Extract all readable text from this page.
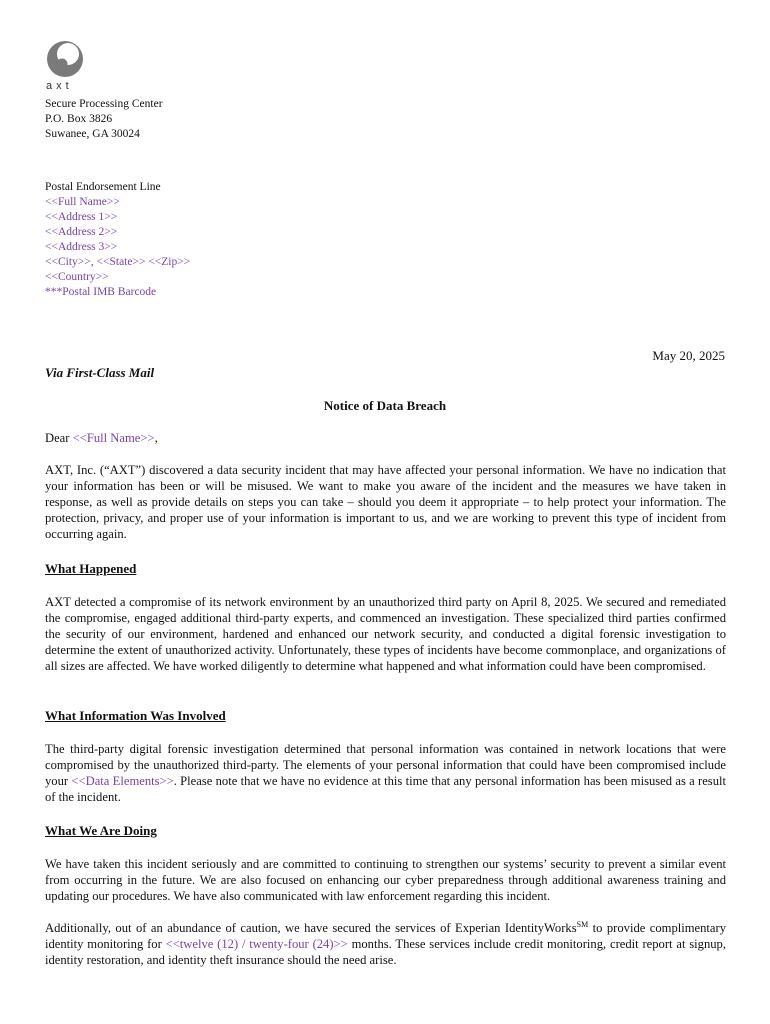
axt
Secure Processing Center
P.O. Box 3826
Suwanee, GA 30024
Postal Endorsement Line
<<Full Name>>
<<Address 1>>
<<Address 2>>
<<Address 3>>
<<City>>, <<State>> <<Zip>>
<<Country>>
***Postal IMB Barcode
May 20, 2025
Via First-Class Mail
Notice of Data Breach
Dear <<Full Name>>,
AXT, Inc. (“AXT”) discovered a data security incident that may have affected your personal information. We have no indication that your information has been or will be misused. We want to make you aware of the incident and the measures we have taken in response, as well as provide details on steps you can take – should you deem it appropriate – to help protect your information. The protection, privacy, and proper use of your information is important to us, and we are working to prevent this type of incident from occurring again.
What Happened
AXT detected a compromise of its network environment by an unauthorized third party on April 8, 2025. We secured and remediated the compromise, engaged additional third-party experts, and commenced an investigation. These specialized third parties confirmed the security of our environment, hardened and enhanced our network security, and conducted a digital forensic investigation to determine the extent of unauthorized activity. Unfortunately, these types of incidents have become commonplace, and organizations of all sizes are affected. We have worked diligently to determine what happened and what information could have been compromised.
What Information Was Involved
The third-party digital forensic investigation determined that personal information was contained in network locations that were compromised by the unauthorized third-party. The elements of your personal information that could have been compromised include your <<Data Elements>>. Please note that we have no evidence at this time that any personal information has been misused as a result of the incident.
What We Are Doing
We have taken this incident seriously and are committed to continuing to strengthen our systems’ security to prevent a similar event from occurring in the future. We are also focused on enhancing our cyber preparedness through additional awareness training and updating our procedures. We have also communicated with law enforcement regarding this incident.
Additionally, out of an abundance of caution, we have secured the services of Experian IdentityWorks℠ to provide complimentary identity monitoring for <<twelve (12) / twenty-four (24)>> months. These services include credit monitoring, credit report at signup, identity restoration, and identity theft insurance should the need arise.
